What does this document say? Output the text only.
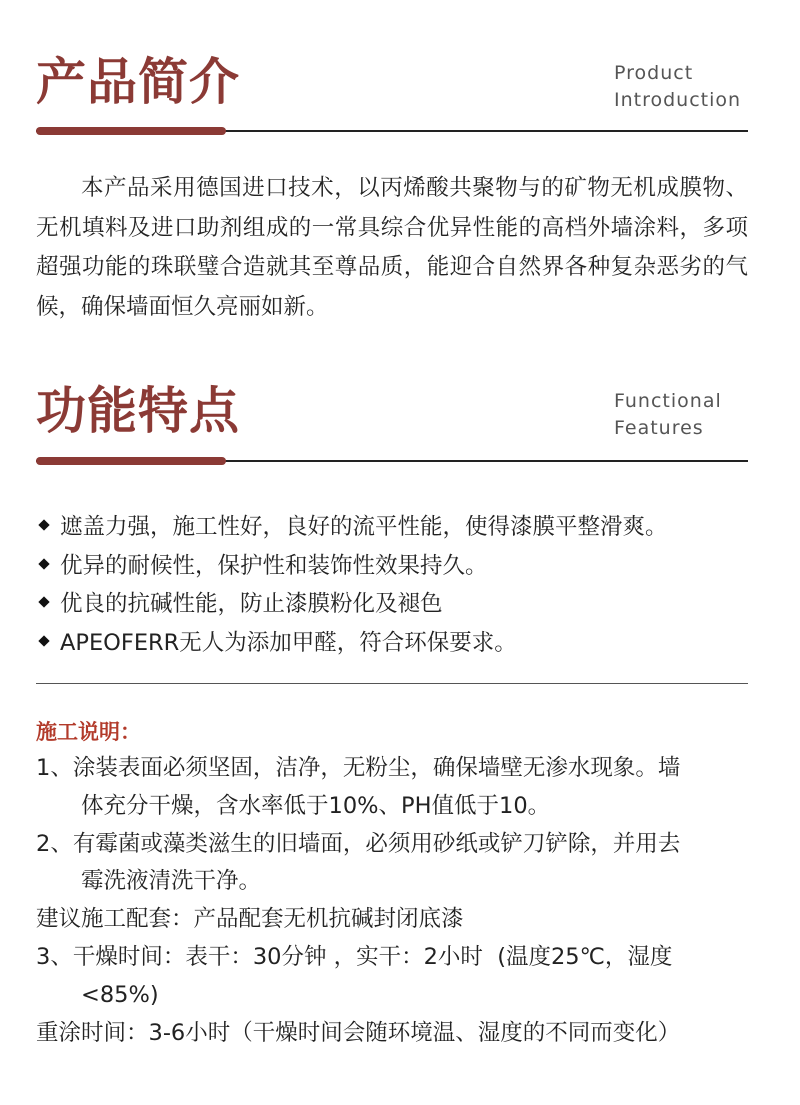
产品简介	Product
Introduction
本产品采用德国进口技术，以丙烯酸共聚物与的矿物无机成膜物、无机填料及进口助剂组成的一常具综合优异性能的高档外墙涂料，多项超强功能的珠联璧合造就其至尊品质，能迎合自然界各种复杂恶劣的气候，确保墙面恒久亮丽如新。
功能特点	Functional
Features
遮盖力强，施工性好，良好的流平性能，使得漆膜平整滑爽。
优异的耐候性，保护性和装饰性效果持久。
优良的抗碱性能，防止漆膜粉化及褪色
APEOFERR无人为添加甲醛，符合环保要求。
施工说明：
1、涂装表面必须坚固，洁净，无粉尘，确保墙壁无渗水现象。墙
体充分干燥，含水率低于10%、PH值低于10。
2、有霉菌或藻类滋生的旧墙面，必须用砂纸或铲刀铲除，并用去
霉洗液清洗干净。
建议施工配套：产品配套无机抗碱封闭底漆
3、干燥时间：表干：30分钟 ，实干：2小时  (温度25℃，湿度
<85%)
重涂时间：3-6小时（干燥时间会随环境温、湿度的不同而变化）
